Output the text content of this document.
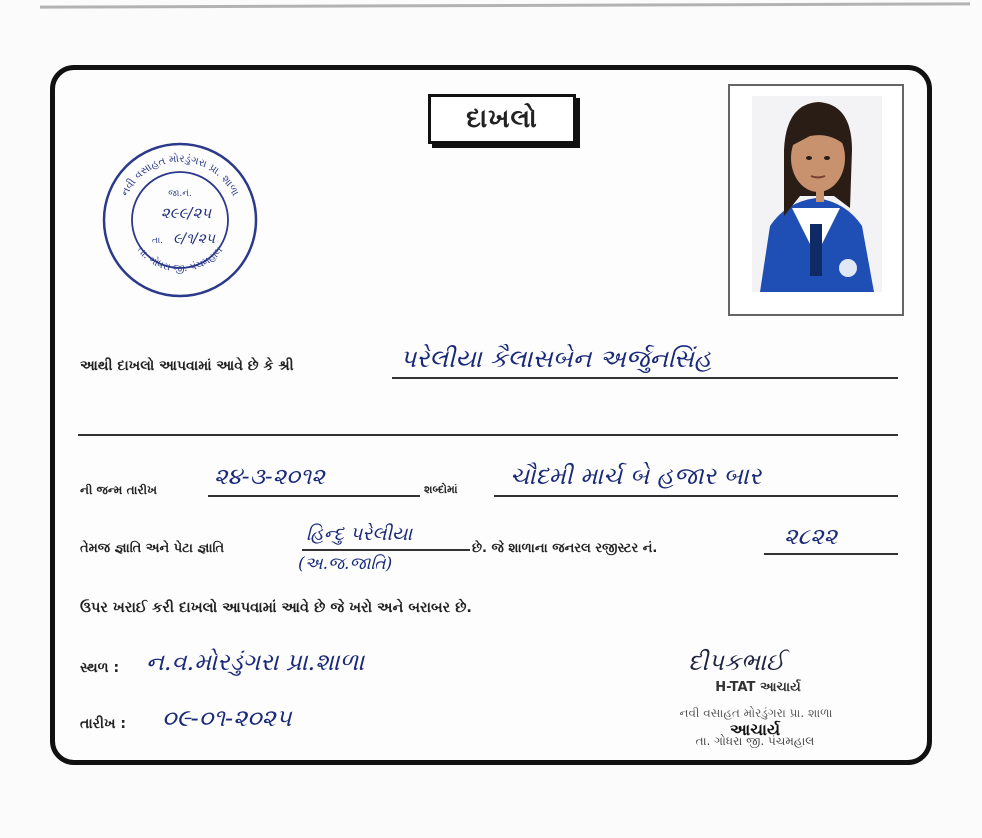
દાખલો
નવી વસાહત મોરડુંગરા પ્રા. શાળા
તા. ગોધરા જી. પંચમહાલ
જા.નં.
૨૯૯/૨૫
તા. ૯/૧/૨૫
આથી દાખલો આપવામાં આવે છે કે શ્રી	પરેલીયા કૈલાસબેન અર્જુનસિંહ
ની જન્મ તારીખ ૨૪-૩-૨૦૧૨	શબ્દોમાં ચૌદમી માર્ચ બે હજાર બાર
તેમજ જ્ઞાતિ અને પેટા જ્ઞાતિ
હિન્દુ પરેલીયા
(અ.જ.જાતિ)
છે. જે શાળાના જનરલ રજીસ્ટર નં.	૨૮૨૨
ઉપર ખરાઈ કરી દાખલો આપવામાં આવે છે જે ખરો અને બરાબર છે.
સ્થળ : ન.વ.મોરડુંગરા પ્રા.શાળા
તારીખ : ૦૯-૦૧-૨૦૨૫
દીપકભાઈ
H-TAT આચાર્ય
નવી વસાહત મોરડુંગરા પ્રા. શાળા
આચાર્ય
તા. ગોધરા જી. પંચમહાલ
